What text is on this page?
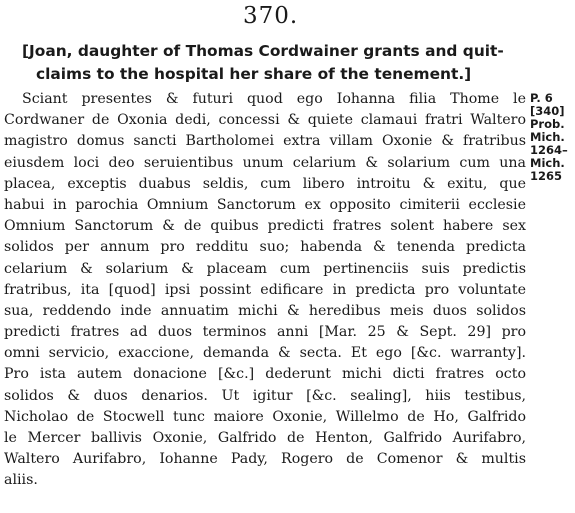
370.
[Joan, daughter of Thomas Cordwainer grants and quit-
claims to the hospital her share of the tenement.]
Sciant presentes & futuri quod ego Iohanna filia Thome le
Cordwaner de Oxonia dedi, concessi & quiete clamaui fratri Waltero
magistro domus sancti Bartholomei extra villam Oxonie & fratribus
eiusdem loci deo seruientibus unum celarium & solarium cum una
placea, exceptis duabus seldis, cum libero introitu & exitu, que
habui in parochia Omnium Sanctorum ex opposito cimiterii ecclesie
Omnium Sanctorum & de quibus predicti fratres solent habere sex
solidos per annum pro redditu suo; habenda & tenenda predicta
celarium & solarium & placeam cum pertinenciis suis predictis
fratribus, ita [quod] ipsi possint edificare in predicta pro voluntate
sua, reddendo inde annuatim michi & heredibus meis duos solidos
predicti fratres ad duos terminos anni [Mar. 25 & Sept. 29] pro
omni servicio, exaccione, demanda & secta. Et ego [&c. warranty].
Pro ista autem donacione [&c.] dederunt michi dicti fratres octo
solidos & duos denarios. Ut igitur [&c. sealing], hiis testibus,
Nicholao de Stocwell tunc maiore Oxonie, Willelmo de Ho, Galfrido
le Mercer ballivis Oxonie, Galfrido de Henton, Galfrido Aurifabro,
Waltero Aurifabro, Iohanne Pady, Rogero de Comenor & multis
aliis.
P. 6
[340]
Prob.
Mich.
1264–
Mich.
1265
